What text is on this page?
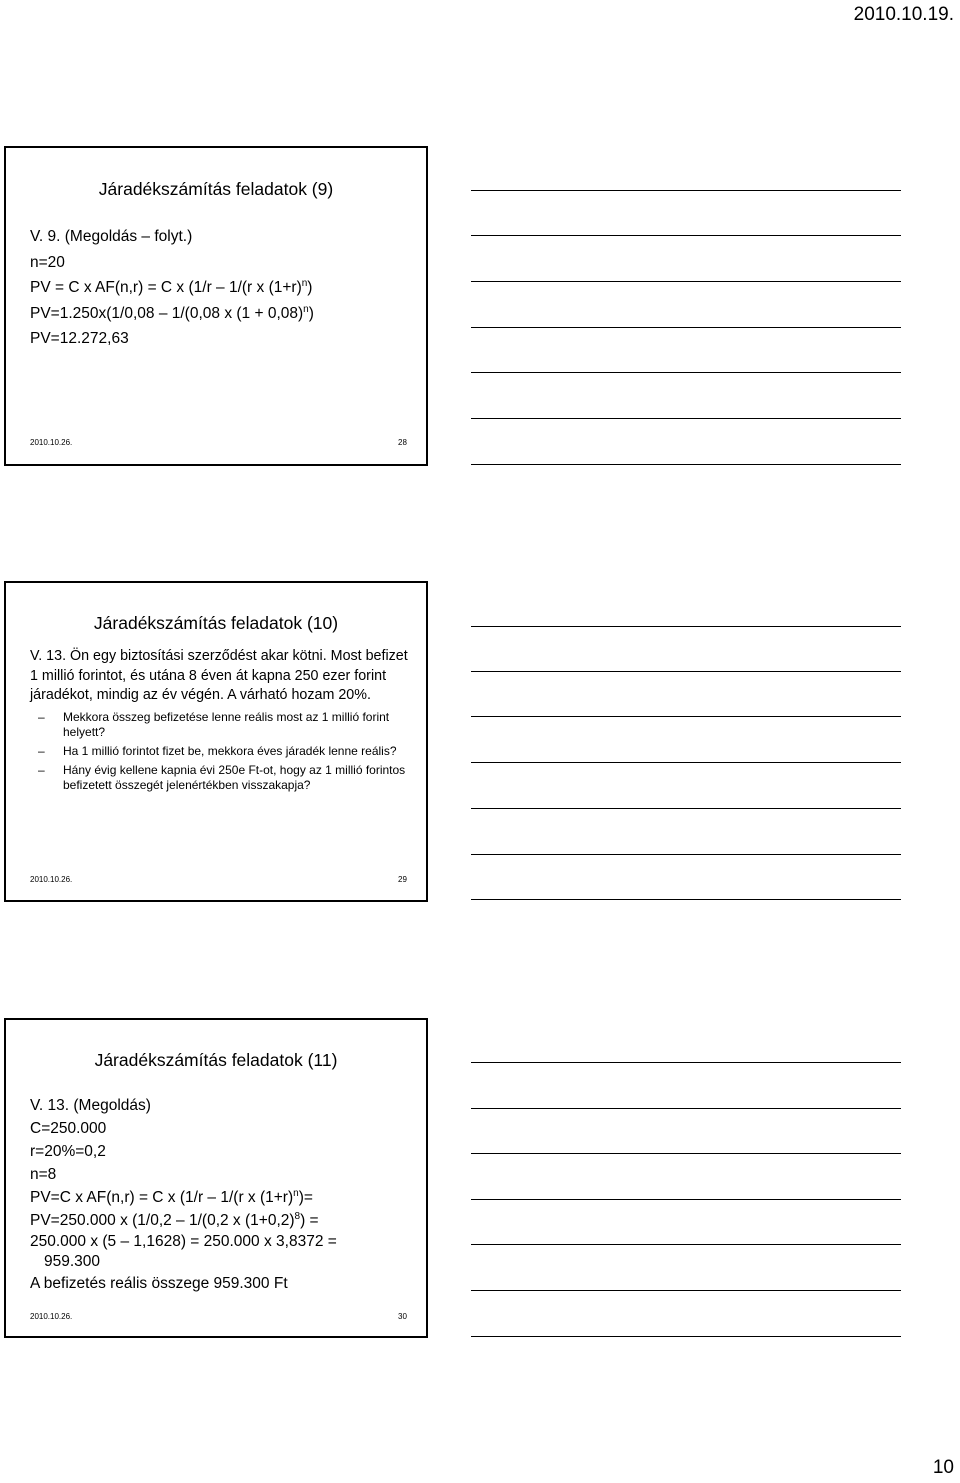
2010.10.19.
Járadékszámítás feladatok (9)
V. 9. (Megoldás – folyt.)
n=20
PV = C x AF(n,r) = C x (1/r – 1/(r x $(1+r)^n$)
PV=1.250x(1/0,08 – 1/(0,08 x $(1 + 0,08)^n$)
PV=12.272,63
2010.10.26.	28
Járadékszámítás feladatok (10)
V. 13. Ön egy biztosítási szerződést akar kötni. Most befizet 1 millió forintot, és utána 8 éven át kapna 250 ezer forint járadékot, mindig az év végén. A várható hozam 20%.
– Mekkora összeg befizetése lenne reális most az 1 millió forint helyett?
– Ha 1 millió forintot fizet be, mekkora éves járadék lenne reális?
– Hány évig kellene kapnia évi 250e Ft-ot, hogy az 1 millió forintos befizetett összegét jelenértékben visszakapja?
2010.10.26.	29
Járadékszámítás feladatok (11)
V. 13. (Megoldás)
C=250.000
r=20%=0,2
n=8
PV=C x AF(n,r) = C x (1/r – 1/(r x $(1+r)^n)=$
PV=250.000 x (1/0,2 – 1/(0,2 x $(1+0,2)^8$) =
250.000 x (5 – 1,1628) = 250.000 x 3,8372 =
959.300
A befizetés reális összege 959.300 Ft
2010.10.26.	30
10
